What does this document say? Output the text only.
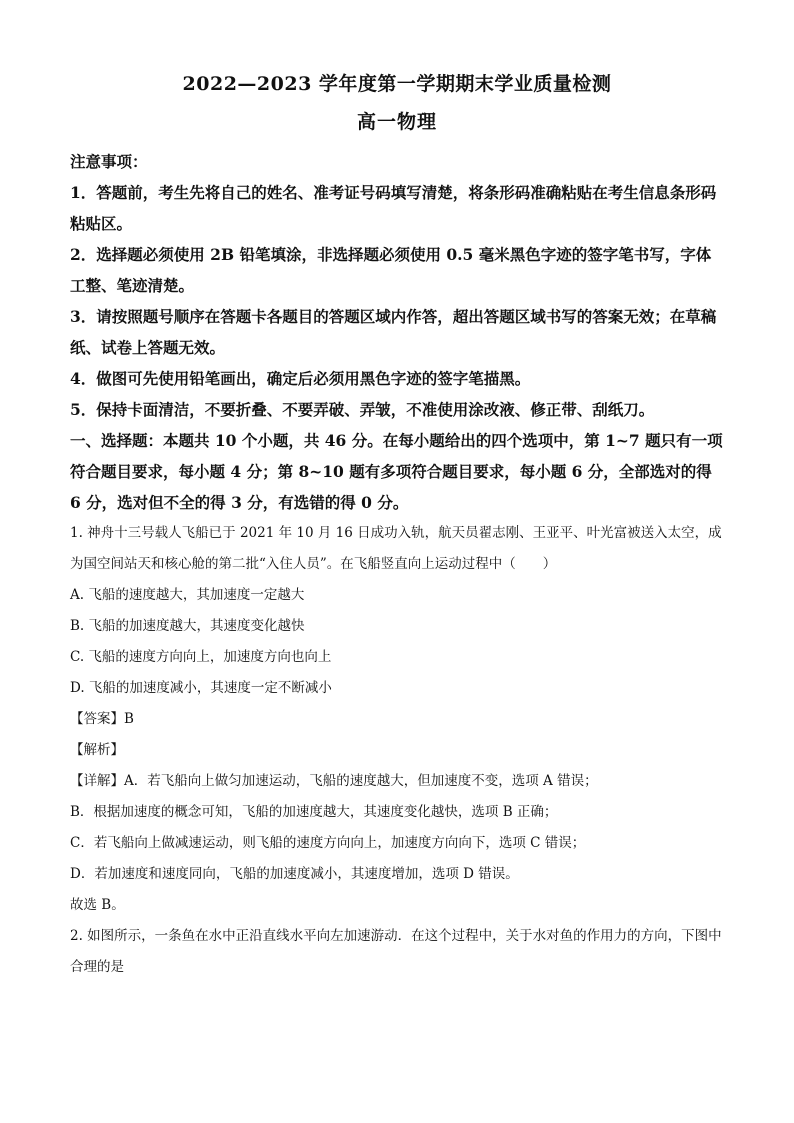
2022—2023 学年度第一学期期末学业质量检测
高一物理

注意事项：

1．答题前，考生先将自己的姓名、准考证号码填写清楚，将条形码准确粘贴在考生信息条形码粘贴区。

2．选择题必须使用 2B 铅笔填涂，非选择题必须使用 0.5 毫米黑色字迹的签字笔书写，字体工整、笔迹清楚。

3．请按照题号顺序在答题卡各题目的答题区域内作答，超出答题区域书写的答案无效；在草稿纸、试卷上答题无效。

4．做图可先使用铅笔画出，确定后必须用黑色字迹的签字笔描黑。

5．保持卡面清洁，不要折叠、不要弄破、弄皱，不准使用涂改液、修正带、刮纸刀。

一、选择题：本题共 10 个小题，共 46 分。在每小题给出的四个选项中，第 1~7 题只有一项符合题目要求，每小题 4 分；第 8~10 题有多项符合题目要求，每小题 6 分，全部选对的得 6 分，选对但不全的得 3 分，有选错的得 0 分。

1. 神舟十三号载人飞船已于 2021 年 10 月 16 日成功入轨，航天员翟志刚、王亚平、叶光富被送入太空，成为国空间站天和核心舱的第二批“入住人员”。在飞船竖直向上运动过程中（　　）

A. 飞船的速度越大，其加速度一定越大

B. 飞船的加速度越大，其速度变化越快

C. 飞船的速度方向向上，加速度方向也向上

D. 飞船的加速度减小，其速度一定不断减小

【答案】B

【解析】

【详解】A．若飞船向上做匀加速运动，飞船的速度越大，但加速度不变，选项 A 错误；

B．根据加速度的概念可知，飞船的加速度越大，其速度变化越快，选项 B 正确；

C．若飞船向上做减速运动，则飞船的速度方向向上，加速度方向向下，选项 C 错误；

D．若加速度和速度同向，飞船的加速度减小，其速度增加，选项 D 错误。

故选 B。

2. 如图所示，一条鱼在水中正沿直线水平向左加速游动．在这个过程中，关于水对鱼的作用力的方向，下图中合理的是
